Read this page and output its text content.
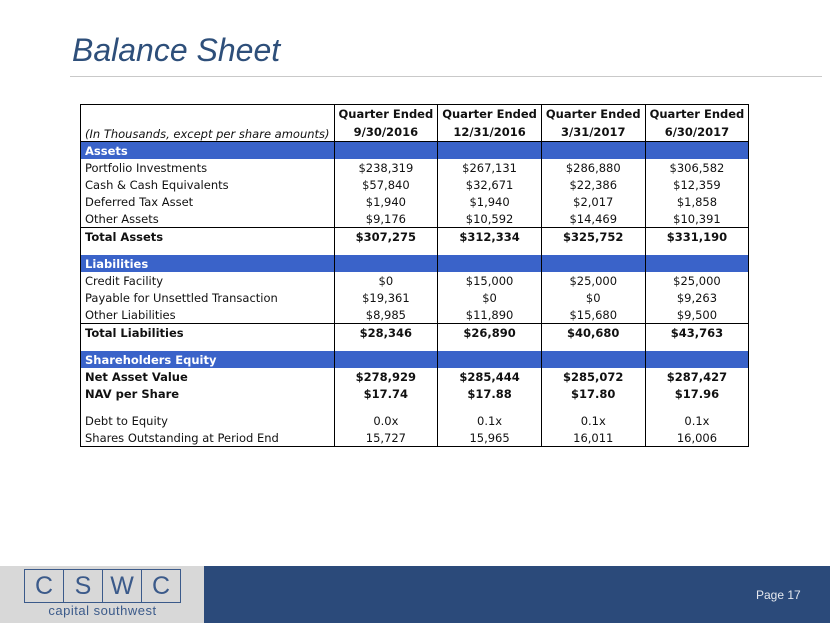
Balance Sheet
	Quarter Ended	Quarter Ended	Quarter Ended	Quarter Ended
(In Thousands, except per share amounts)	9/30/2016	12/31/2016	3/31/2017	6/30/2017
Assets				
Portfolio Investments	$238,319	$267,131	$286,880	$306,582
Cash & Cash Equivalents	$57,840	$32,671	$22,386	$12,359
Deferred Tax Asset	$1,940	$1,940	$2,017	$1,858
Other Assets	$9,176	$10,592	$14,469	$10,391
Total Assets	$307,275	$312,334	$325,752	$331,190

Liabilities				
Credit Facility	$0	$15,000	$25,000	$25,000
Payable for Unsettled Transaction	$19,361	$0	$0	$9,263
Other Liabilities	$8,985	$11,890	$15,680	$9,500
Total Liabilities	$28,346	$26,890	$40,680	$43,763

Shareholders Equity				
Net Asset Value	$278,929	$285,444	$285,072	$287,427
NAV per Share	$17.74	$17.88	$17.80	$17.96

Debt to Equity	0.0x	0.1x	0.1x	0.1x
Shares Outstanding at Period End	15,727	15,965	16,011	16,006
C S W C
capital southwest
Page 17
